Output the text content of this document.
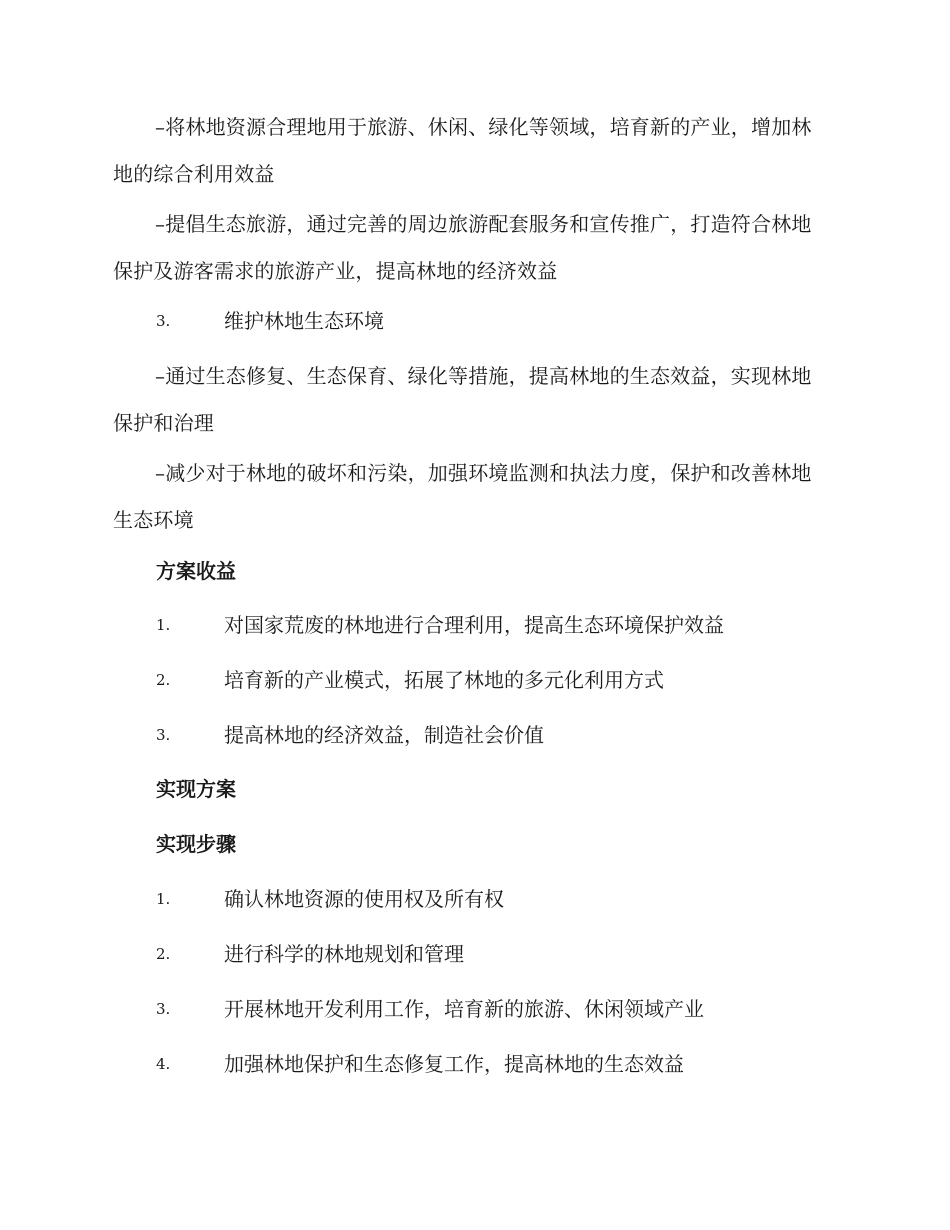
–将林地资源合理地用于旅游、休闲、绿化等领域，培育新的产业，增加林地的综合利用效益

–提倡生态旅游，通过完善的周边旅游配套服务和宣传推广，打造符合林地保护及游客需求的旅游产业，提高林地的经济效益

3.	维护林地生态环境

–通过生态修复、生态保育、绿化等措施，提高林地的生态效益，实现林地保护和治理

–减少对于林地的破坏和污染，加强环境监测和执法力度，保护和改善林地生态环境

方案收益
1.	对国家荒废的林地进行合理利用，提高生态环境保护效益
2.	培育新的产业模式，拓展了林地的多元化利用方式
3.	提高林地的经济效益，制造社会价值
实现方案
实现步骤
1.	确认林地资源的使用权及所有权
2.	进行科学的林地规划和管理
3.	开展林地开发利用工作，培育新的旅游、休闲领域产业
4.	加强林地保护和生态修复工作，提高林地的生态效益
